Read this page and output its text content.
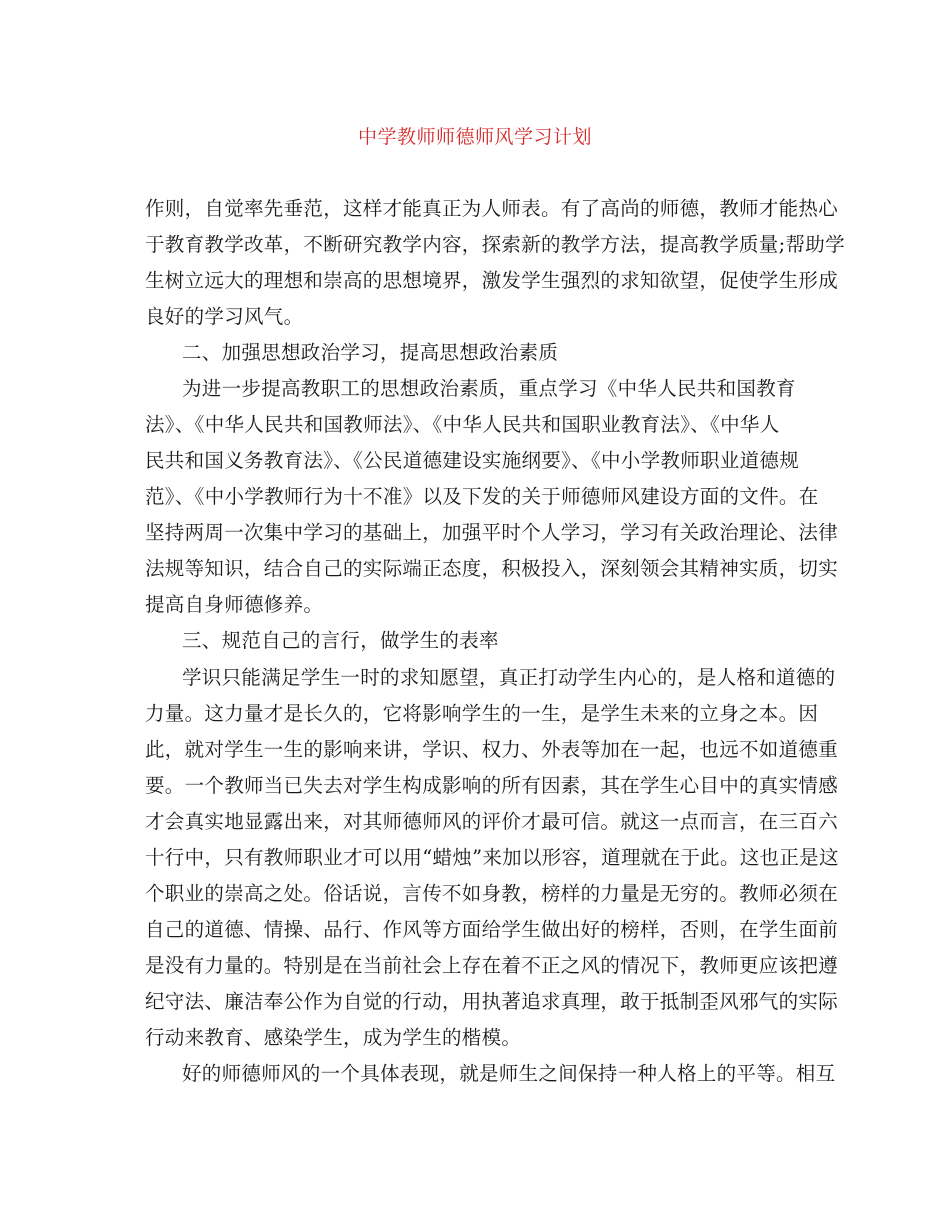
中学教师师德师风学习计划
作则，自觉率先垂范，这样才能真正为人师表。有了高尚的师德，教师才能热心
于教育教学改革，不断研究教学内容，探索新的教学方法，提高教学质量;帮助学
生树立远大的理想和崇高的思想境界，激发学生强烈的求知欲望，促使学生形成
良好的学习风气。
二、加强思想政治学习，提高思想政治素质
为进一步提高教职工的思想政治素质，重点学习《中华人民共和国教育
法》、《中华人民共和国教师法》、《中华人民共和国职业教育法》、《中华人
民共和国义务教育法》、《公民道德建设实施纲要》、《中小学教师职业道德规
范》、《中小学教师行为十不准》以及下发的关于师德师风建设方面的文件。在
坚持两周一次集中学习的基础上，加强平时个人学习，学习有关政治理论、法律
法规等知识，结合自己的实际端正态度，积极投入，深刻领会其精神实质，切实
提高自身师德修养。
三、规范自己的言行，做学生的表率
学识只能满足学生一时的求知愿望，真正打动学生内心的，是人格和道德的
力量。这力量才是长久的，它将影响学生的一生，是学生未来的立身之本。因
此，就对学生一生的影响来讲，学识、权力、外表等加在一起，也远不如道德重
要。一个教师当已失去对学生构成影响的所有因素，其在学生心目中的真实情感
才会真实地显露出来，对其师德师风的评价才最可信。就这一点而言，在三百六
十行中，只有教师职业才可以用“蜡烛”来加以形容，道理就在于此。这也正是这
个职业的崇高之处。俗话说，言传不如身教，榜样的力量是无穷的。教师必须在
自己的道德、情操、品行、作风等方面给学生做出好的榜样，否则，在学生面前
是没有力量的。特别是在当前社会上存在着不正之风的情况下，教师更应该把遵
纪守法、廉洁奉公作为自觉的行动，用执著追求真理，敢于抵制歪风邪气的实际
行动来教育、感染学生，成为学生的楷模。
好的师德师风的一个具体表现，就是师生之间保持一种人格上的平等。相互
